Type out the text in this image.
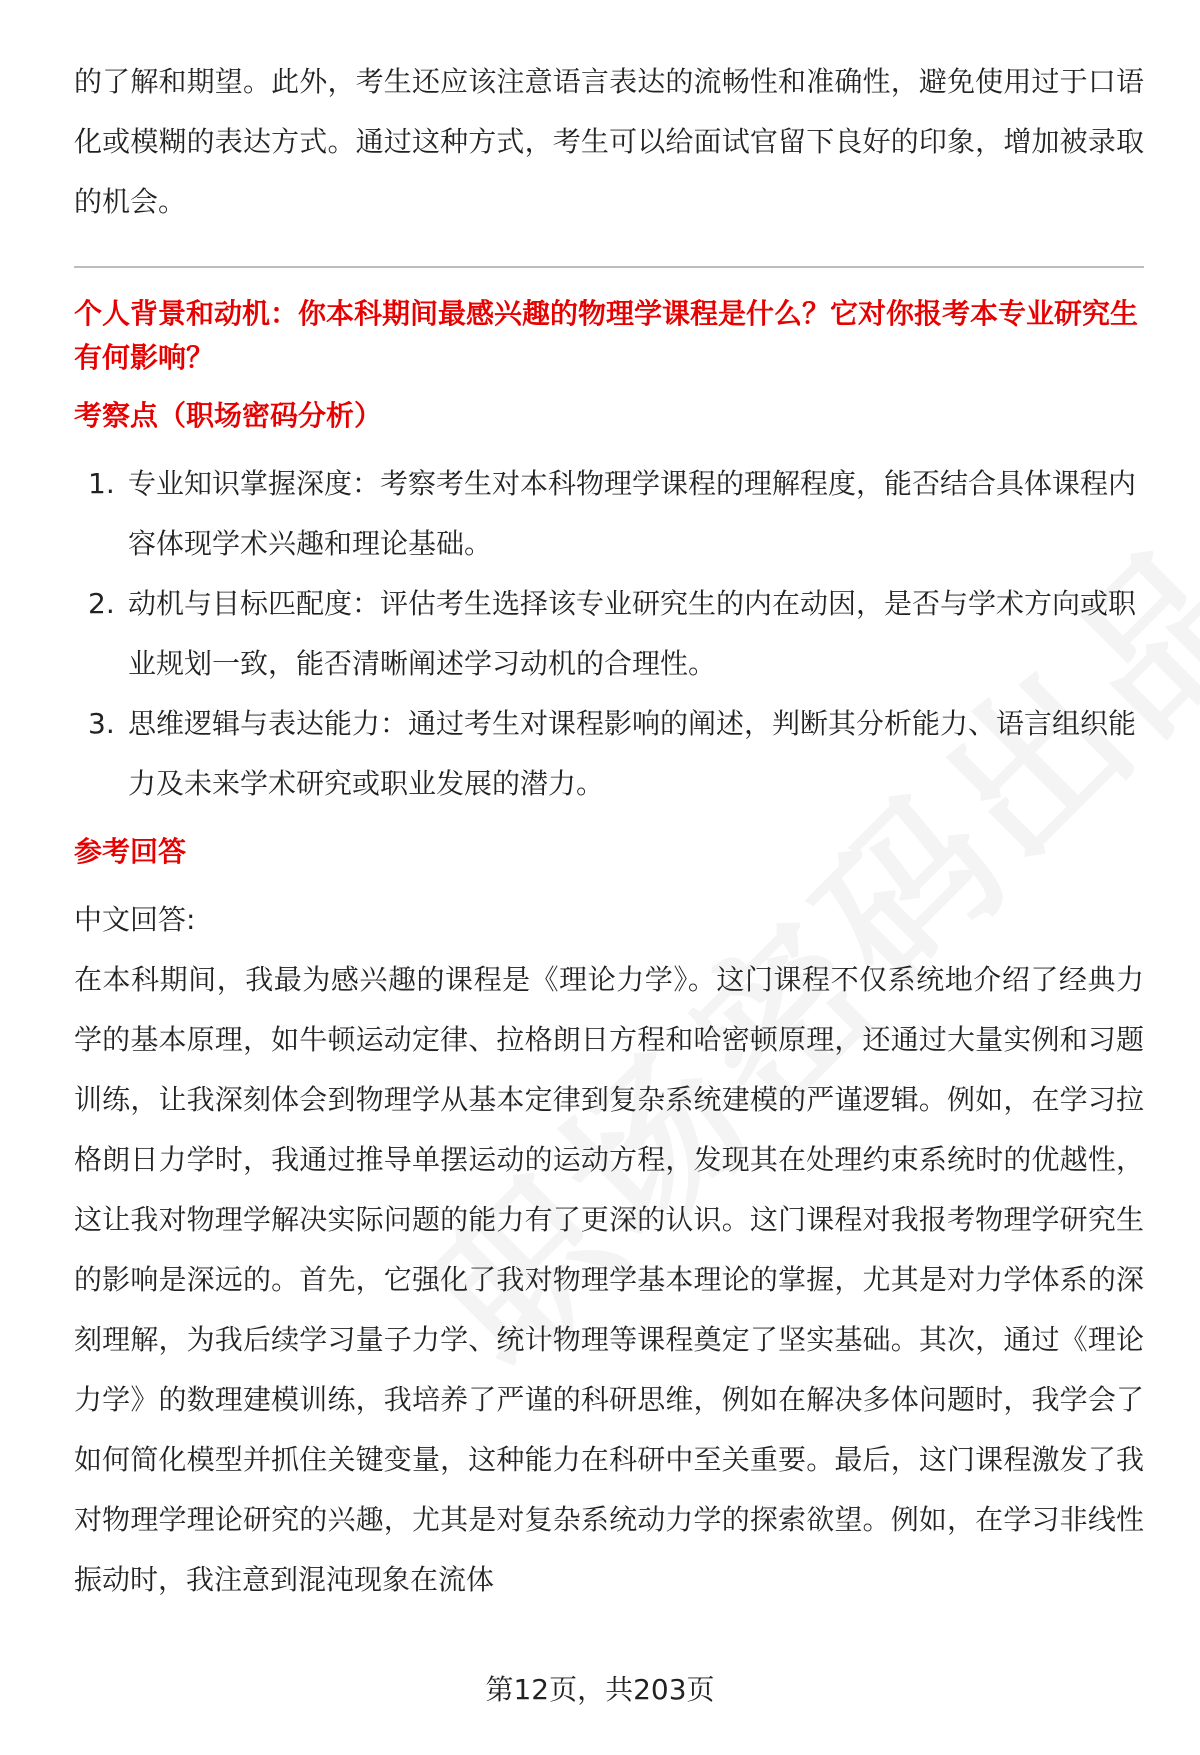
的了解和期望。此外，考生还应该注意语言表达的流畅性和准确性，避免使用过于口语化或模糊的表达方式。通过这种方式，考生可以给面试官留下良好的印象，增加被录取的机会。

个人背景和动机：你本科期间最感兴趣的物理学课程是什么？它对你报考本专业研究生有何影响？
考察点（职场密码分析）
1. 专业知识掌握深度：考察考生对本科物理学课程的理解程度，能否结合具体课程内容体现学术兴趣和理论基础。
2. 动机与目标匹配度：评估考生选择该专业研究生的内在动因，是否与学术方向或职业规划一致，能否清晰阐述学习动机的合理性。
3. 思维逻辑与表达能力：通过考生对课程影响的阐述，判断其分析能力、语言组织能力及未来学术研究或职业发展的潜力。
参考回答

中文回答:

在本科期间，我最为感兴趣的课程是《理论力学》。这门课程不仅系统地介绍了经典力学的基本原理，如牛顿运动定律、拉格朗日方程和哈密顿原理，还通过大量实例和习题训练，让我深刻体会到物理学从基本定律到复杂系统建模的严谨逻辑。例如，在学习拉格朗日力学时，我通过推导单摆运动的运动方程，发现其在处理约束系统时的优越性，这让我对物理学解决实际问题的能力有了更深的认识。这门课程对我报考物理学研究生的影响是深远的。首先，它强化了我对物理学基本理论的掌握，尤其是对力学体系的深刻理解，为我后续学习量子力学、统计物理等课程奠定了坚实基础。其次，通过《理论力学》的数理建模训练，我培养了严谨的科研思维，例如在解决多体问题时，我学会了如何简化模型并抓住关键变量，这种能力在科研中至关重要。最后，这门课程激发了我对物理学理论研究的兴趣，尤其是对复杂系统动力学的探索欲望。例如，在学习非线性振动时，我注意到混沌现象在流体

第12页，共203页
